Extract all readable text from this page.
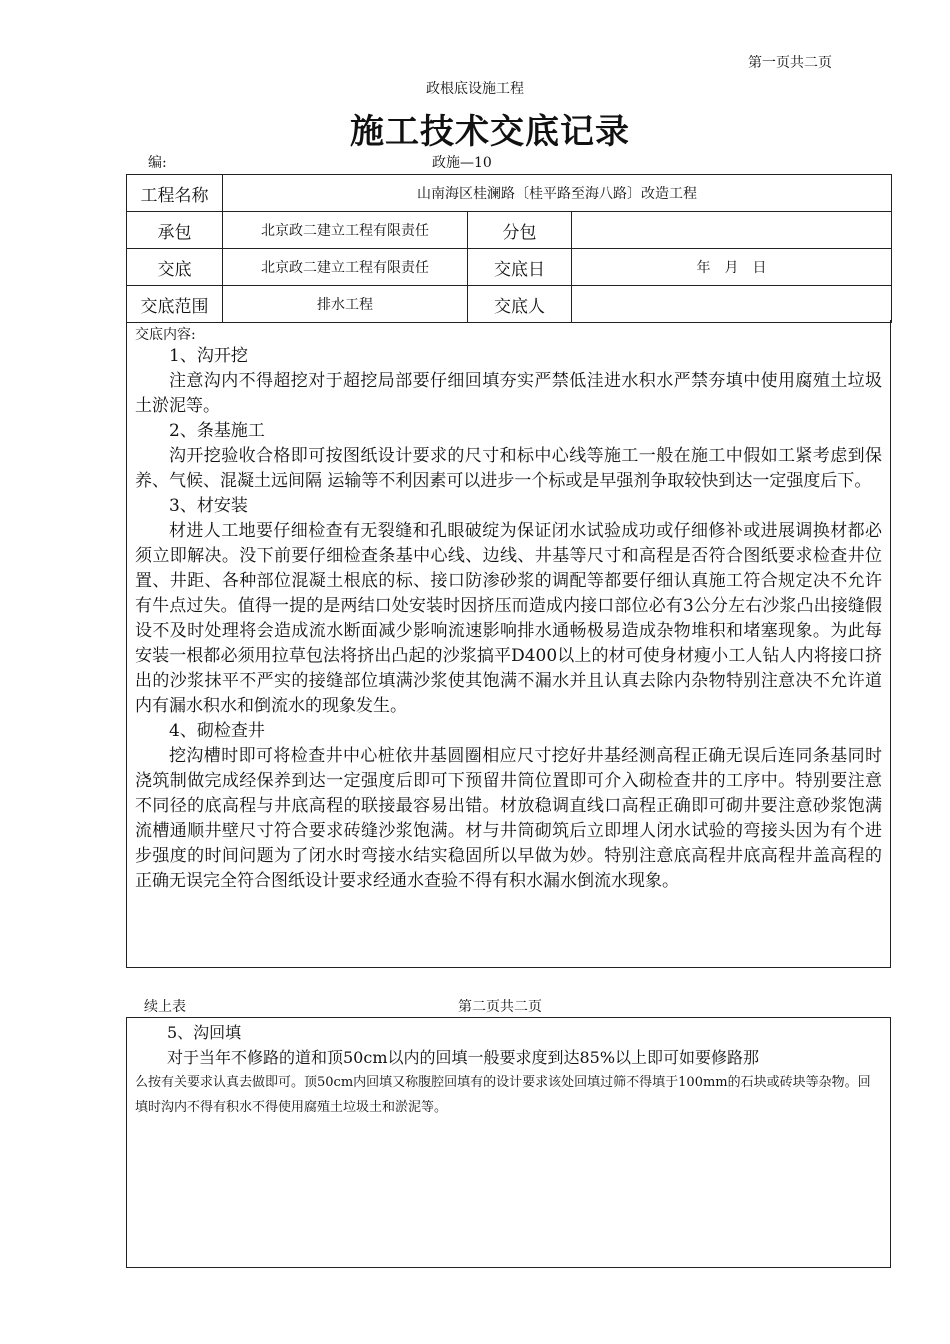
第一页共二页
政根底设施工程
施工技术交底记录
编:	政施—10
工程名称	山南海区桂澜路〔桂平路至海八路〕改造工程		
承包	北京政二建立工程有限责任	分包	
交底	北京政二建立工程有限责任	交底日	年　月　日
交底范围	排水工程	交底人	
交底内容:

1、沟开挖

注意沟内不得超挖对于超挖局部要仔细回填夯实严禁低洼进水积水严禁夯填中使用腐殖土垃圾土淤泥等。

2、条基施工

沟开挖验收合格即可按图纸设计要求的尺寸和标中心线等施工一般在施工中假如工紧考虑到保养、气候、混凝土远间隔 运输等不利因素可以进步一个标或是早强剂争取较快到达一定强度后下。

3、材安装

材进人工地要仔细检查有无裂缝和孔眼破绽为保证闭水试验成功或仔细修补或进展调换材都必须立即解决。没下前要仔细检查条基中心线、边线、井基等尺寸和高程是否符合图纸要求检查井位置、井距、各种部位混凝土根底的标、接口防渗砂浆的调配等都要仔细认真施工符合规定决不允许有牛点过失。值得一提的是两结口处安装时因挤压而造成内接口部位必有3公分左右沙浆凸出接缝假设不及时处理将会造成流水断面减少影响流速影响排水通畅极易造成杂物堆积和堵塞现象。为此每安装一根都必须用拉草包法将挤出凸起的沙浆搞平D400以上的材可使身材瘦小工人钻人内将接口挤出的沙浆抹平不严实的接缝部位填满沙浆使其饱满不漏水并且认真去除内杂物特别注意决不允许道内有漏水积水和倒流水的现象发生。

4、砌检查井

挖沟槽时即可将检查井中心桩依井基圆圈相应尺寸挖好井基经测高程正确无误后连同条基同时浇筑制做完成经保养到达一定强度后即可下预留井筒位置即可介入砌检查井的工序中。特别要注意不同径的底高程与井底高程的联接最容易出错。材放稳调直线口高程正确即可砌井要注意砂浆饱满流槽通顺井壁尺寸符合要求砖缝沙浆饱满。材与井筒砌筑后立即埋人闭水试验的弯接头因为有个进步强度的时间问题为了闭水时弯接水结实稳固所以早做为妙。特别注意底高程井底高程井盖高程的正确无误完全符合图纸设计要求经通水查验不得有积水漏水倒流水现象。

续上表	第二页共二页

5、沟回填

对于当年不修路的道和顶50cm以内的回填一般要求度到达85%以上即可如要修路那

么按有关要求认真去做即可。顶50cm内回填又称腹腔回填有的设计要求该处回填过筛不得填于100mm的石块或砖块等杂物。回填时沟内不得有积水不得使用腐殖土垃圾土和淤泥等。
